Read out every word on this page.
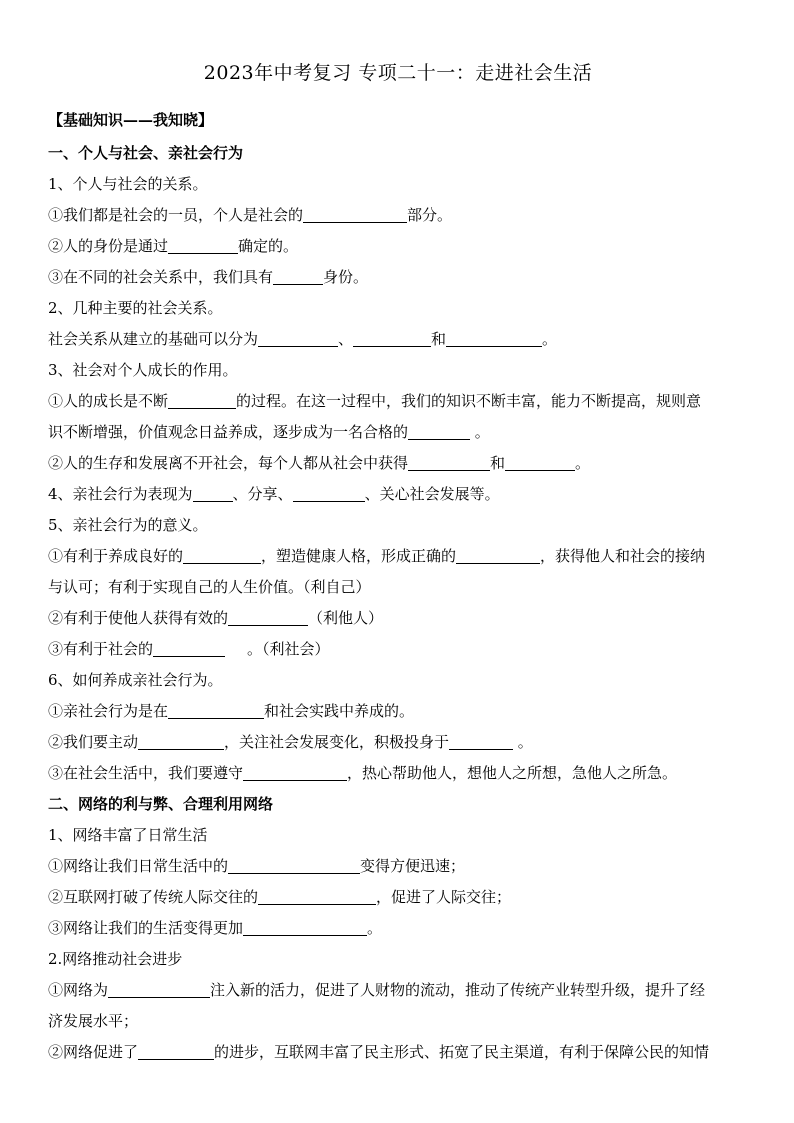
2023年中考复习 专项二十一：走进社会生活
【基础知识——我知晓】
一、个人与社会、亲社会行为
1、个人与社会的关系。
①我们都是社会的一员，个人是社会的	部分。
②人的身份是通过	确定的。
③在不同的社会关系中，我们具有	身份。
2、几种主要的社会关系。
社会关系从建立的基础可以分为	、	和	。
3、社会对个人成长的作用。
①人的成长是不断	的过程。在这一过程中，我们的知识不断丰富，能力不断提高，规则意
识不断增强，价值观念日益养成，逐步成为一名合格的	。
②人的生存和发展离不开社会，每个人都从社会中获得	和	。
4、亲社会行为表现为	、分享、	、关心社会发展等。
5、亲社会行为的意义。
①有利于养成良好的	，塑造健康人格，形成正确的	，获得他人和社会的接纳
与认可；有利于实现自己的人生价值。（利自己）
②有利于使他人获得有效的	（利他人）
③有利于社会的	。（利社会）
6、如何养成亲社会行为。
①亲社会行为是在	和社会实践中养成的。
②我们要主动	，关注社会发展变化，积极投身于	。
③在社会生活中，我们要遵守	，热心帮助他人，想他人之所想，急他人之所急。
二、网络的利与弊、合理利用网络
1、网络丰富了日常生活
①网络让我们日常生活中的	变得方便迅速；
②互联网打破了传统人际交往的	，促进了人际交往；
③网络让我们的生活变得更加	。
2.网络推动社会进步
①网络为	注入新的活力，促进了人财物的流动，推动了传统产业转型升级，提升了经
济发展水平；
②网络促进了	的进步，互联网丰富了民主形式、拓宽了民主渠道，有利于保障公民的知情
